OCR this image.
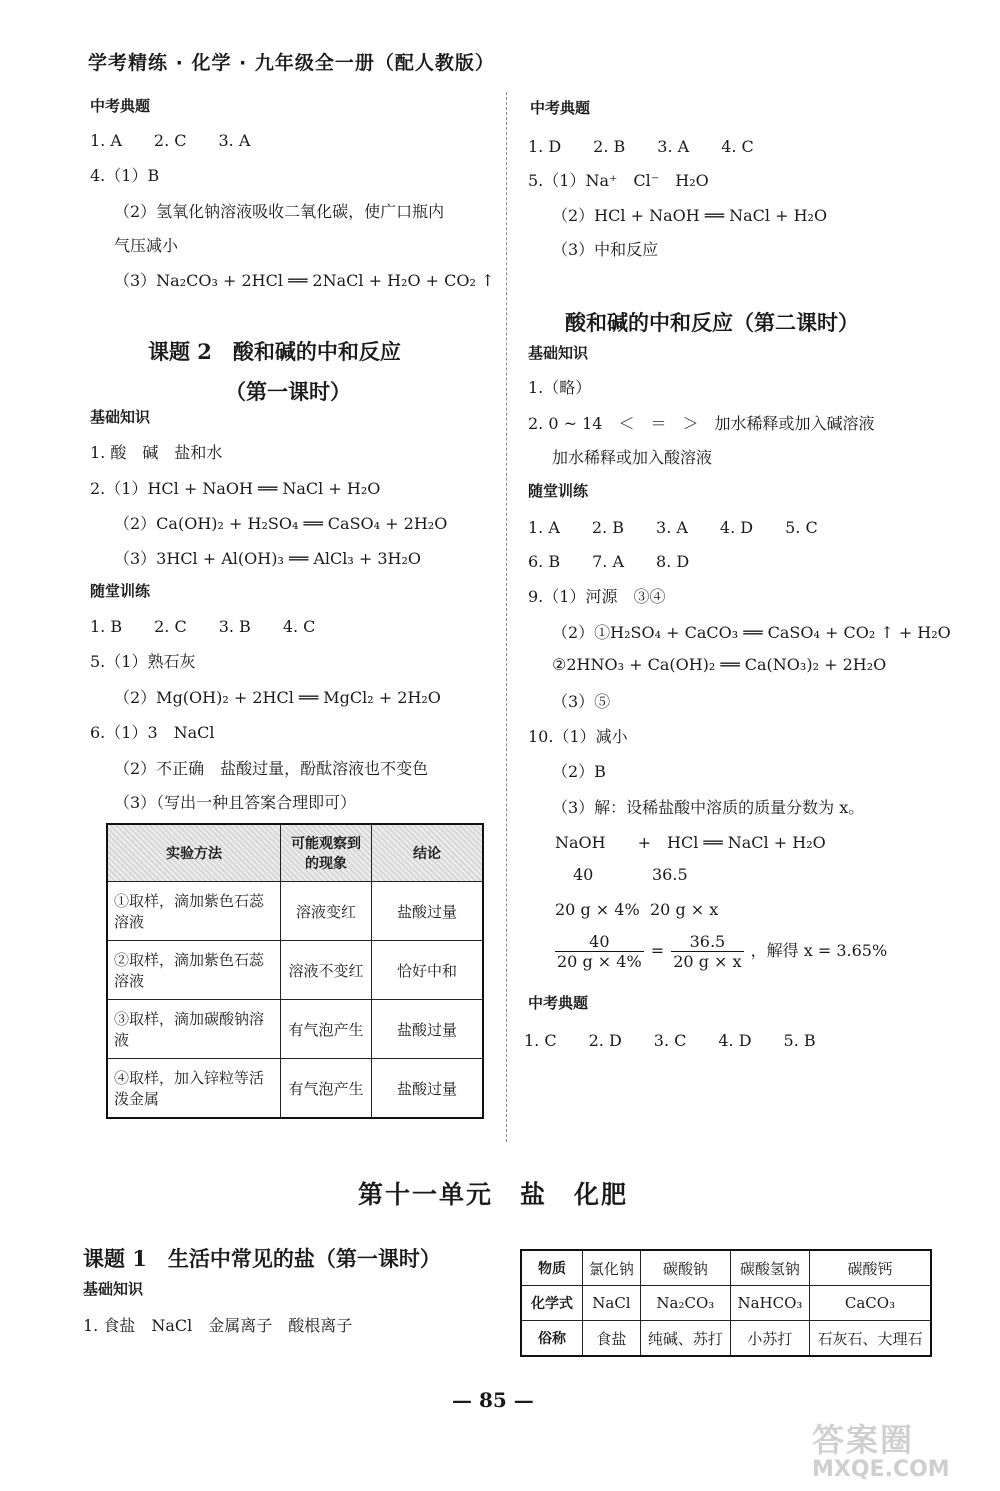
学考精练 · 化学 · 九年级全一册（配人教版）
中考典题
1. A　　2. C　　3. A
4.（1）B
（2）氢氧化钠溶液吸收二氧化碳，使广口瓶内
气压减小
（3）Na₂CO₃ + 2HCl ══ 2NaCl + H₂O + CO₂ ↑
课题 2　酸和碱的中和反应
（第一课时）
基础知识
1. 酸　碱　盐和水
2.（1）HCl + NaOH ══ NaCl + H₂O
（2）Ca(OH)₂ + H₂SO₄ ══ CaSO₄ + 2H₂O
（3）3HCl + Al(OH)₃ ══ AlCl₃ + 3H₂O
随堂训练
1. B　　2. C　　3. B　　4. C
5.（1）熟石灰
（2）Mg(OH)₂ + 2HCl ══ MgCl₂ + 2H₂O
6.（1）3　NaCl
（2）不正确　盐酸过量，酚酞溶液也不变色
（3）（写出一种且答案合理即可）
实验方法	可能观察到的现象	结论
①取样，滴加紫色石蕊溶液	溶液变红	盐酸过量
②取样，滴加紫色石蕊溶液	溶液不变红	恰好中和
③取样，滴加碳酸钠溶液	有气泡产生	盐酸过量
④取样，加入锌粒等活泼金属	有气泡产生	盐酸过量
中考典题
1. D　　2. B　　3. A　　4. C
5.（1）Na⁺　Cl⁻　H₂O
（2）HCl + NaOH ══ NaCl + H₂O
（3）中和反应
酸和碱的中和反应（第二课时）
基础知识
1.（略）
2. 0 ~ 14　＜　＝　＞　加水稀释或加入碱溶液
加水稀释或加入酸溶液
随堂训练
1. A　　2. B　　3. A　　4. D　　5. C
6. B　　7. A　　8. D
9.（1）河源　③④
（2）①H₂SO₄ + CaCO₃ ══ CaSO₄ + CO₂ ↑ + H₂O
②2HNO₃ + Ca(OH)₂ ══ Ca(NO₃)₂ + 2H₂O
（3）⑤
10.（1）减小
（2）B
（3）解：设稀盐酸中溶质的质量分数为 x。
NaOH　　+　HCl ══ NaCl + H₂O
40	36.5
20 g × 4% 20 g × x
$\frac{40}{20 g \times 4\%} = \frac{36.5}{20 g \times x}$ ，解得 x = 3.65%
中考典题
1. C　　2. D　　3. C　　4. D　　5. B
第十一单元　盐　化肥
课题 1　生活中常见的盐（第一课时）
基础知识
1. 食盐　NaCl　金属离子　酸根离子
物质	氯化钠	碳酸钠	碳酸氢钠	碳酸钙
化学式	NaCl	Na₂CO₃	NaHCO₃	CaCO₃
俗称	食盐	纯碱、苏打	小苏打	石灰石、大理石
— 85 —
答案圈
MXQE.COM
